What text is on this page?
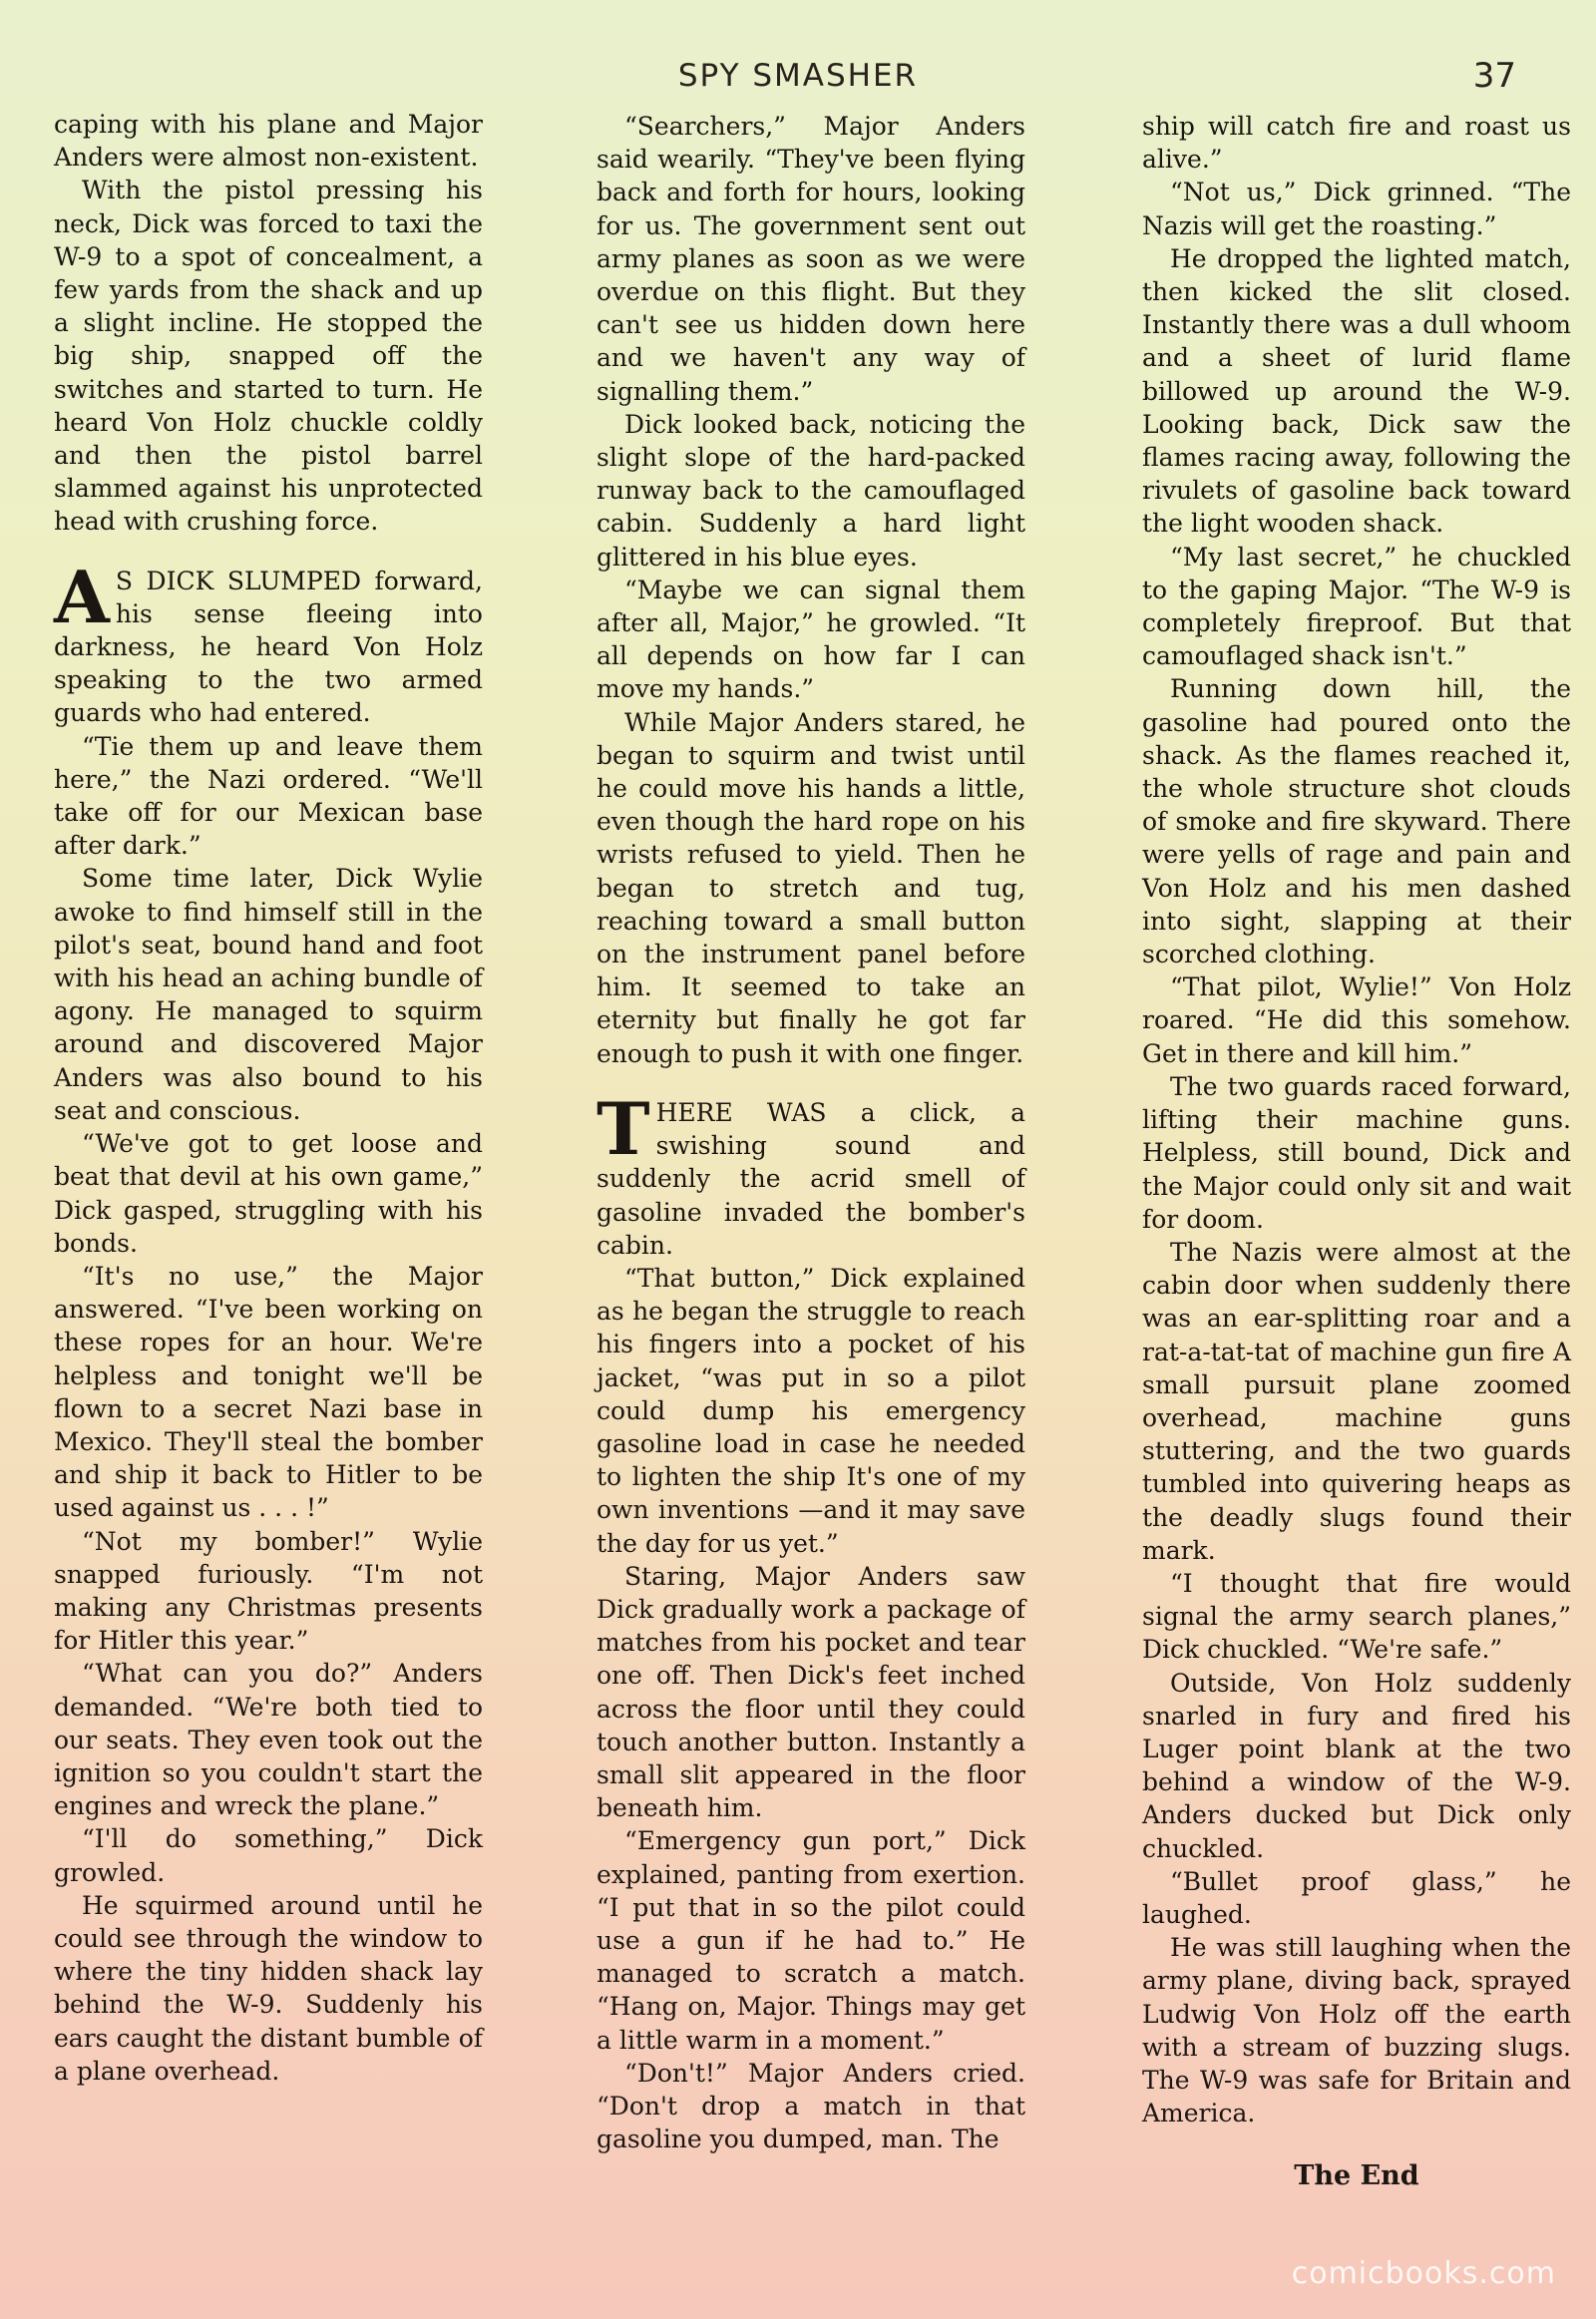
SPY SMASHER	37

caping with his plane and Major Anders were almost non-existent.

With the pistol pressing his neck, Dick was forced to taxi the W-9 to a spot of concealment, a few yards from the shack and up a slight incline. He stopped the big ship, snapped off the switches and started to turn. He heard Von Holz chuckle coldly and then the pistol barrel slammed against his unprotected head with crushing force.

AS DICK SLUMPED forward, his sense fleeing into darkness, he heard Von Holz speaking to the two armed guards who had entered.

“Tie them up and leave them here,” the Nazi ordered. “We'll take off for our Mexican base after dark.”

Some time later, Dick Wylie awoke to find himself still in the pilot's seat, bound hand and foot with his head an aching bundle of agony. He managed to squirm around and discovered Major Anders was also bound to his seat and conscious.

“We've got to get loose and beat that devil at his own game,” Dick gasped, struggling with his bonds.

“It's no use,” the Major answered. “I've been working on these ropes for an hour. We're helpless and tonight we'll be flown to a secret Nazi base in Mexico. They'll steal the bomber and ship it back to Hitler to be used against us . . . !”

“Not my bomber!” Wylie snapped furiously. “I'm not making any Christmas presents for Hitler this year.”

“What can you do?” Anders demanded. “We're both tied to our seats. They even took out the ignition so you couldn't start the engines and wreck the plane.”

“I'll do something,” Dick growled.

He squirmed around until he could see through the window to where the tiny hidden shack lay behind the W-9. Suddenly his ears caught the distant bumble of a plane overhead.

“Searchers,” Major Anders said wearily. “They've been flying back and forth for hours, looking for us. The government sent out army planes as soon as we were overdue on this flight. But they can't see us hidden down here and we haven't any way of signalling them.”

Dick looked back, noticing the slight slope of the hard-packed runway back to the camouflaged cabin. Suddenly a hard light glittered in his blue eyes.

“Maybe we can signal them after all, Major,” he growled. “It all depends on how far I can move my hands.”

While Major Anders stared, he began to squirm and twist until he could move his hands a little, even though the hard rope on his wrists refused to yield. Then he began to stretch and tug, reaching toward a small button on the instrument panel before him. It seemed to take an eternity but finally he got far enough to push it with one finger.

THERE WAS a click, a swishing sound and suddenly the acrid smell of gasoline invaded the bomber's cabin.

“That button,” Dick explained as he began the struggle to reach his fingers into a pocket of his jacket, “was put in so a pilot could dump his emergency gasoline load in case he needed to lighten the ship It's one of my own inventions —and it may save the day for us yet.”

Staring, Major Anders saw Dick gradually work a package of matches from his pocket and tear one off. Then Dick's feet inched across the floor until they could touch another button. Instantly a small slit appeared in the floor beneath him.

“Emergency gun port,” Dick explained, panting from exertion. “I put that in so the pilot could use a gun if he had to.” He managed to scratch a match. “Hang on, Major. Things may get a little warm in a moment.”

“Don't!” Major Anders cried. “Don't drop a match in that gasoline you dumped, man. The

ship will catch fire and roast us alive.”

“Not us,” Dick grinned. “The Nazis will get the roasting.”

He dropped the lighted match, then kicked the slit closed. Instantly there was a dull whoom and a sheet of lurid flame billowed up around the W-9. Looking back, Dick saw the flames racing away, following the rivulets of gasoline back toward the light wooden shack.

“My last secret,” he chuckled to the gaping Major. “The W-9 is completely fireproof. But that camouflaged shack isn't.”

Running down hill, the gasoline had poured onto the shack. As the flames reached it, the whole structure shot clouds of smoke and fire skyward. There were yells of rage and pain and Von Holz and his men dashed into sight, slapping at their scorched clothing.

“That pilot, Wylie!” Von Holz roared. “He did this somehow. Get in there and kill him.”

The two guards raced forward, lifting their machine guns. Helpless, still bound, Dick and the Major could only sit and wait for doom.

The Nazis were almost at the cabin door when suddenly there was an ear-splitting roar and a rat-a-tat-tat of machine gun fire A small pursuit plane zoomed overhead, machine guns stuttering, and the two guards tumbled into quivering heaps as the deadly slugs found their mark.

“I thought that fire would signal the army search planes,” Dick chuckled. “We're safe.”

Outside, Von Holz suddenly snarled in fury and fired his Luger point blank at the two behind a window of the W-9. Anders ducked but Dick only chuckled.

“Bullet proof glass,” he laughed.

He was still laughing when the army plane, diving back, sprayed Ludwig Von Holz off the earth with a stream of buzzing slugs. The W-9 was safe for Britain and America.

The End

comicbooks.com
